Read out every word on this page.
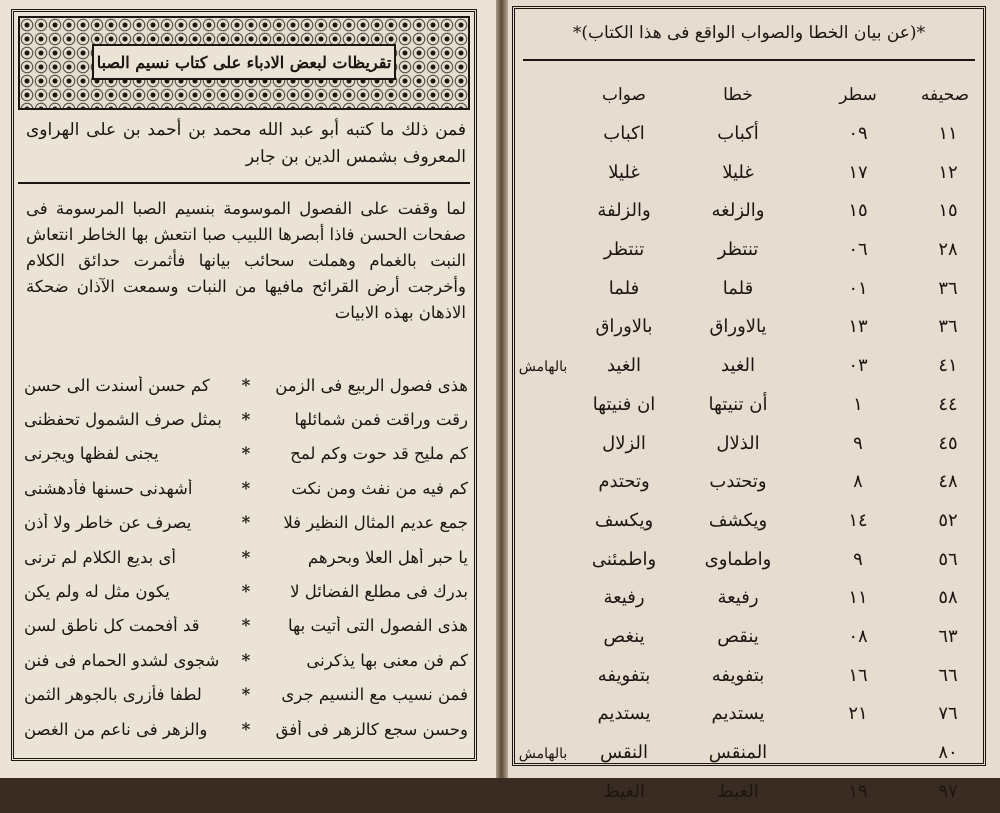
تقريظات لبعض الادباء على كتاب نسيم الصبا
فمن ذلك ما كتبه أبو عبد الله محمد بن أحمد بن على الهراوى المعروف بشمس الدين بن جابر
لما وقفت على الفصول الموسومة بنسيم الصبا المرسومة فى صفحات الحسن فاذا أبصرها اللبيب صبا انتعش بها الخاطر انتعاش النبت بالغمام وهملت سحائب بيانها فأثمرت حدائق الكلام وأخرجت أرض القرائح مافيها من النبات وسمعت الآذان ضحكة الاذهان بهذه الابيات
هذى فصول الربيع فى الزمن
*
كم حسن أسندت الى حسن
رقت وراقت فمن شمائلها
*
بمثل صرف الشمول تحفظنى
كم مليح قد حوت وكم لمح
*
يجنى لفظها ويجرنى
كم فيه من نفث ومن نكت
*
أشهدنى حسنها فأدهشنى
جمع عديم المثال النظير فلا
*
يصرف عن خاطر ولا أذن
يا حبر أهل العلا وبحرهم
*
أى بديع الكلام لم ترنى
بدرك فى مطلع الفضائل لا
*
يكون مثل له ولم يكن
هذى الفصول التى أتيت بها
*
قد أفحمت كل ناطق لسن
كم فن معنى بها يذكرنى
*
شجوى لشدو الحمام فى فنن
فمن نسيب مع النسيم جرى
*
لطفا فأزرى بالجوهر الثمن
وحسن سجع كالزهر فى أفق
*
والزهر فى ناعم من الغصن
*(عن بيان الخطا والصواب الواقع فى هذا الكتاب)*
صحيفه
سطر
خطا
صواب
١١
٠٩
أكباب
اكباب
١٢
١٧
غليلا
غليلا
١٥
١٥
والزلغه
والزلفة
٢٨
٠٦
تنتظر
تنتظر
٣٦
٠١
قلما
فلما
٣٦
١٣
يالاوراق
بالاوراق
٤١
٠٣
الغيد
الغيد
بالهامش
٤٤
١
أن تنيتها
ان فنيتها
٤٥
٩
الذلال
الزلال
٤٨
٨
وتحتدب
وتحتدم
٥٢
١٤
ويكشف
ويكسف
٥٦
٩
واطماوى
واطمئنى
٥٨
١١
رفيعة
رفيعة
٦٣
٠٨
ينقص
ينغص
٦٦
١٦
بتفويفه
بتفويفه
٧٦
٢١
يستديم
يستديم
٨٠
المنقس
النقس
بالهامش
٩٧
١٩
الغبط
الغيظ
